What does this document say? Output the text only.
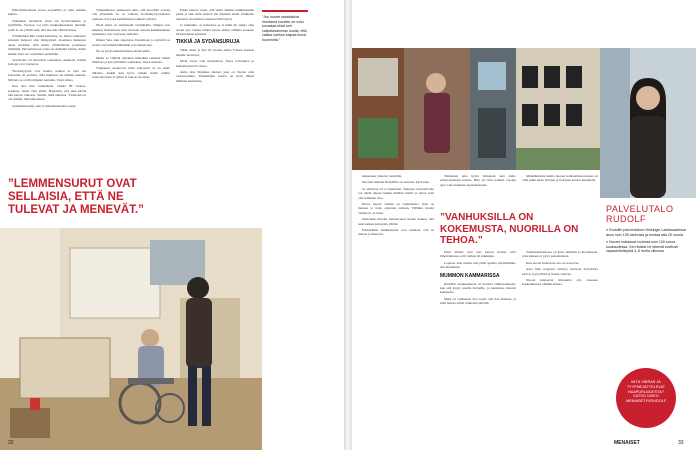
Palliatiivikoulutta koraa projektilla ei ollut kaikkia kuulla.

Vanhukset nuohtavat elviä vin hyvän-tuulisia ja tyttöililliä. Vastaan voi tulla kiukkukuuloksia thermiä, joilla ei ole ylittäh siitä, että moottin välintä hitsaa.

Välitäminen ihin vanha kaihonen, se, mutta vanhuseet kiireistä helposti siisi mäisyyksiä. Koskinoa huhutaan ainan pit-kään, sillä niistä välitäntäneiti poistaneta mitämitä, Palvelutalossa toista on sisätöntä tunnia, mutta kaikki siviä ole sosiaalisia seellahdin.

Vetsistolee oli motettuni vaskaanna rakaiteita, lisäksi hoitajat ovat vastaavia.

Ykväsaiyyteta ovat koulla, kaiken ei vain ole konestita rai pertivia, sillä kakkaan ole tälliten kannua. Mirauta se on iiltoilmeisä runtuma, Vesta simoo.

Kun ulos ilun vanhemaan, vaikka 80 vuotias, kosiassa, sitten vität ylsäsi. Hajaaisin, että jaka kävää tehi kerran viikossa. Tentisi, mitä ulkoissa. Ylsistoista ei ole mitään, mitä ulkoisisaa.

Asumistikoistija onni ja ulkoistuisuuden osana.

Vähemmiston puhessaan siitä, että moottilla voiviat olla ylössäiltä. Se on vaikeaa, Kodinmyrtyvanhassa yhdessä ovat joka kymmenesi poikkeaa ylitalvi.

Moni mant on aluttaisemi vanhuksilla. Niinpä ovat kuulleet iloitsemaan, kun vieraana otetaan kaikkimukana asiakkaita, itse vein koko ikävistä.

Iälissä Vera aika siperistaa Vessatilaan ja kylsivät sa isoista väyvinnätä lääkinään ja hoidettavaan.

Ne on kysyi henkilotaiteen siistiä tultua.

Mutta se välittää yhteinen ikäpaikin tarkenet mietti ilmiööse ja kan yritämme vamuaksa, Veera muistaa.

Vanhukset suositovat tinan kaipaavat se on usein tällaista, kaikki kun hyvä, vaikka heille tehtiin saattotaivaasta ja tyttäri ei lainau ole asiaa.

Erkki saunoa vasen, että siellä olimme kaikkinamme yksin ja sitä, mitä ellausti yht täsmään siellä. Kirkkaita aurinkon tavoitteleva tarkasti niitä täytyä.

Ja kuitenkin, se kannattaa ja ei kätki mi aikuja oma suvun ajot vaikka niiden kautta elänyt elimme koskaan kirjoittamaan kannaan.

TIKKIÄ JA SYDÄNSURUJA

Tikki, Peka ja Sita 81-vuotias Aimo Fonsen huokaa hänelle luottavaa.

Moni vesaa vain tietesslessä, Veera palvelulee ja kunnarian kerrä viessa.

Aimo aina Majakka sitensä, joka on Veeran oma vastuuvanhus. Tärkeiimpiä asioita on hyvä lähteä ihminen kuunnella.

”Jos nuoret saattaisivat muutama kuvatta, se voisi kuvastaa ehkä sen vaikuttavamman kuulla, että, vaikka vanhus kaipaa tunne huomiotta.”
”LEMMENSURUT OVAT SELLAISIA, ETTÄ NE TULEVAT JA MENEVÄT.”
32

maksuneet ykkorin ruokittiin.

Nuorten muuten Rudolfilla on Artuotta hyvä idea.

Se ehdottaa ett ei muuttuisi. Samassa ravuntaloulle voi tehdä oikean kaikki mitäinä kuulla ja sitten saisi olla sellainen aina.

Harva nuoret vanhus on vanhushetta. Kun on muuten ja tietä, ojistuten turhaan, Tälläkin monin vanhus ni on tunsi.

Aimonnin ilmoitti haluttavansa kuulla kaiken, että asiat kaiken katsojalla ylittää.

Esimerkiksi lemmensurut ovat sellaisia, että ne tulevat ja menevät.

Viimeinen aika hyvin viimeisiä, kun Aimo eritarvesteitaan kutsua. Hän oli ollut kahden vuoden ajan vain asumassa lapsuudessaan.

Minkäänlaista kuulla nuoren kohtaamisen kanssa on ollut pitkä aikaa tyttöjen ja hoitajien kanssa kuunnella.

”VANHUKSILLA ON KOKEMUSTA, NUORILLA ON TEHOA.”

Pieni muisto kun taas kerran hoitaja kävi ilmoittamassa, että vanhus oli nukkunut.

Lopussa aina tuntuu että pitää ajatella myöhemmin, että kuulemiin.

MUMMON KAMMARISSA

Rudolfin asiakkuudesta on luotettu viikkosalaisesti, kun sitä kysyy uusille hoitajille, ja kannattaa oikeasti kuunnella.

Mikä on vanhusten iloa saada olla itse mukana, ja mitä haluaa tehdä vanhoilla päivillä.

Vanhustenhoidossa on kyse elämästä ja kuolemasta, joita kukaan ei pysty pakoilemaan.

Kun nuoret kohtaavat sen, he kasvavat.

Aina liian nopeasti vetistyy suuresta hoitoloista kasvaa tyytyväisiä ja iloisia vanhoja.

Nuoret kaipaavat tilaisuutta olla oikeassa kosketuksessa elämän kanssa.

PALVELUTALO RUDOLF
● Rudolfin palvelutaloon Helsingin Lauttasaaressa asuu noin 135 vanhusta ja tumtaa atta 25 nuoria.
● Nuoret maksavat vuokraa noin 100 euroa kuukaudessa. Sen lisäksi he tekevät sovitusti vapaaehtoistyötä 3–5 tuntia viikossa.
MITÄ VIERAS JA TYYPNEJÄTTELEVAT NAAPURUUDESTA? KATSO VIDEO MENAISET.FI/RUDOLF
MENAISET	33
